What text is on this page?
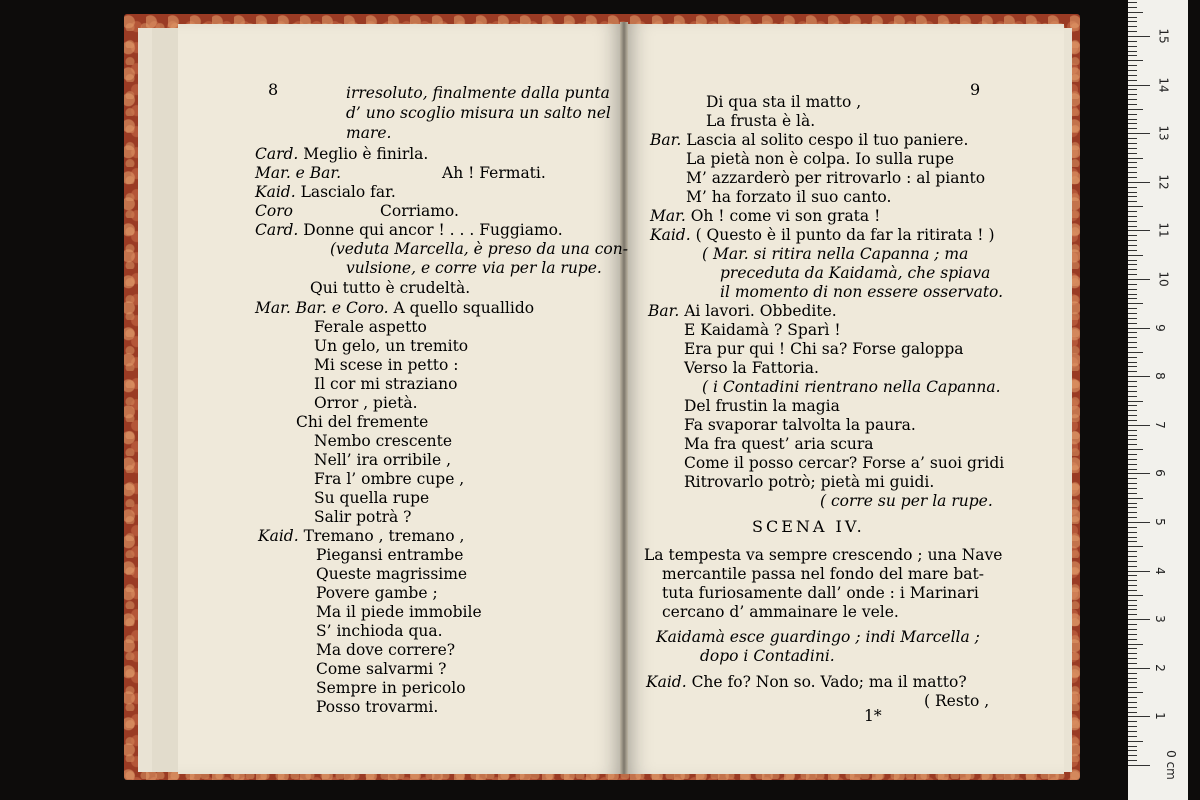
8	9
irresoluto, finalmente dalla punta
d’ uno scoglio misura un salto nel
mare.
Card. Meglio è finirla.
Mar. e Bar.	Ah ! Fermati.
Kaid. Lascialo far.
Coro	Corriamo.
Card. Donne qui ancor ! . . . Fuggiamo.
(veduta Marcella, è preso da una con-
vulsione, e corre via per la rupe.
Qui tutto è crudeltà.
Mar. Bar. e Coro. A quello squallido
Ferale aspetto
Un gelo, un tremito
Mi scese in petto :
Il cor mi straziano
Orror , pietà.
Chi del fremente
Nembo crescente
Nell’ ira orribile ,
Fra l’ ombre cupe ,
Su quella rupe
Salir potrà ?
Kaid. Tremano , tremano ,
Piegansi entrambe
Queste magrissime
Povere gambe ;
Ma il piede immobile
S’ inchioda qua.
Ma dove correre?
Come salvarmi ?
Sempre in pericolo
Posso trovarmi.
Di qua sta il matto ,
La frusta è là.
Bar. Lascia al solito cespo il tuo paniere.
La pietà non è colpa. Io sulla rupe
M’ azzarderò per ritrovarlo : al pianto
M’ ha forzato il suo canto.
Mar. Oh ! come vi son grata !
Kaid. ( Questo è il punto da far la ritirata ! )
( Mar. si ritira nella Capanna ; ma
preceduta da Kaidamà, che spiava
il momento di non essere osservato.
Bar. Ai lavori. Obbedite.
E Kaidamà ? Sparì !
Era pur qui ! Chi sa? Forse galoppa
Verso la Fattoria.
( i Contadini rientrano nella Capanna.
Del frustin la magia
Fa svaporar talvolta la paura.
Ma fra quest’ aria scura
Come il posso cercar? Forse a’ suoi gridi
Ritrovarlo potrò; pietà mi guidi.
( corre su per la rupe.
La tempesta va sempre crescendo ; una Nave
mercantile passa nel fondo del mare bat-
tuta furiosamente dall’ onde : i Marinari
cercano d’ ammainare le vele.
Kaidamà esce guardingo ; indi Marcella ;
dopo i Contadini.
Kaid. Che fo? Non so. Vado; ma il matto?
( Resto ,
1*
SCENA IV.
15
14
13
12
11
10
9
8
7
6
5
4
3
2
1
0 cm
